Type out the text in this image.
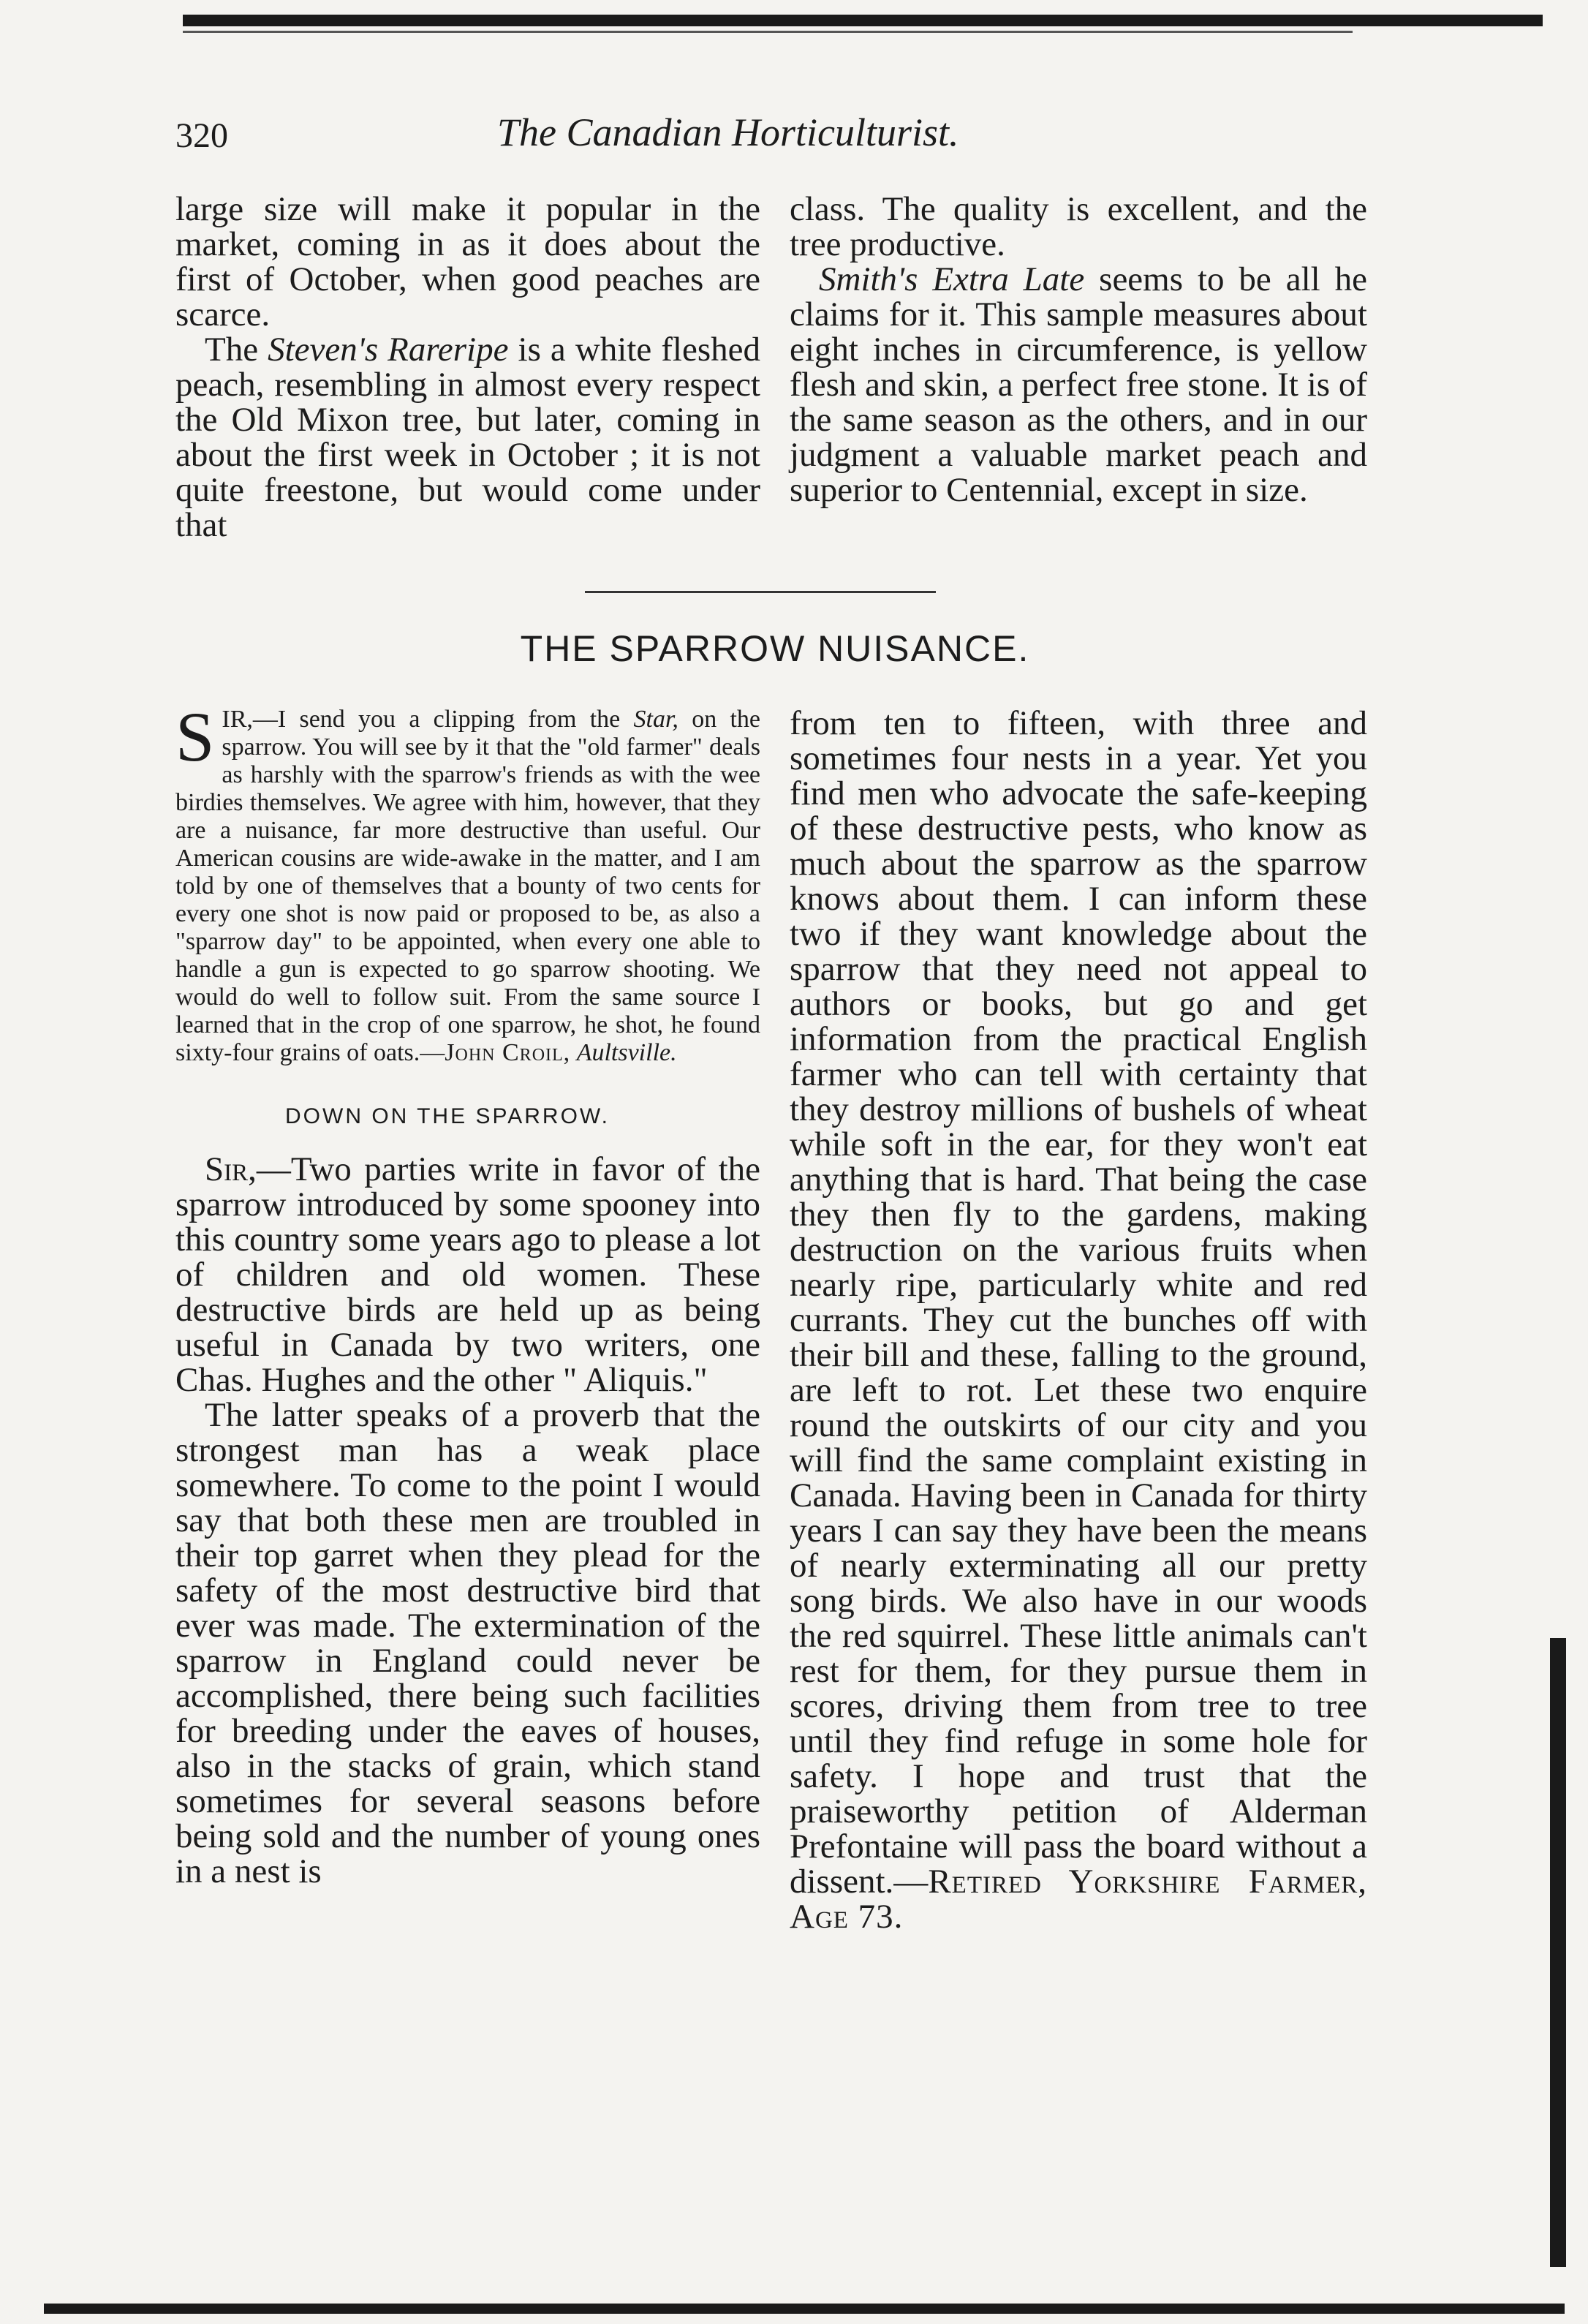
320	The Canadian Horticulturist.

large size will make it popular in the market, coming in as it does about the first of October, when good peaches are scarce.

The Steven's Rareripe is a white fleshed peach, resembling in almost every respect the Old Mixon tree, but later, coming in about the first week in October ; it is not quite freestone, but would come under that

class. The quality is excellent, and the tree productive.

Smith's Extra Late seems to be all he claims for it. This sample measures about eight inches in circumference, is yellow flesh and skin, a perfect free stone. It is of the same season as the others, and in our judgment a valuable market peach and superior to Centennial, except in size.

THE SPARROW NUISANCE.

SIR,—I send you a clipping from the Star, on the sparrow. You will see by it that the "old farmer" deals as harshly with the sparrow's friends as with the wee birdies themselves. We agree with him, however, that they are a nuisance, far more destructive than useful. Our American cousins are wide-awake in the matter, and I am told by one of themselves that a bounty of two cents for every one shot is now paid or proposed to be, as also a "sparrow day" to be appointed, when every one able to handle a gun is expected to go sparrow shooting. We would do well to follow suit. From the same source I learned that in the crop of one sparrow, he shot, he found sixty-four grains of oats.—John Croil, Aultsville.

DOWN ON THE SPARROW.

Sir,—Two parties write in favor of the sparrow introduced by some spooney into this country some years ago to please a lot of children and old women. These destructive birds are held up as being useful in Canada by two writers, one Chas. Hughes and the other " Aliquis."

The latter speaks of a proverb that the strongest man has a weak place somewhere. To come to the point I would say that both these men are troubled in their top garret when they plead for the safety of the most destructive bird that ever was made. The extermination of the sparrow in England could never be accomplished, there being such facilities for breeding under the eaves of houses, also in the stacks of grain, which stand sometimes for several seasons before being sold and the number of young ones in a nest is

from ten to fifteen, with three and sometimes four nests in a year. Yet you find men who advocate the safe-keeping of these destructive pests, who know as much about the sparrow as the sparrow knows about them. I can inform these two if they want knowledge about the sparrow that they need not appeal to authors or books, but go and get information from the practical English farmer who can tell with certainty that they destroy millions of bushels of wheat while soft in the ear, for they won't eat anything that is hard. That being the case they then fly to the gardens, making destruction on the various fruits when nearly ripe, particularly white and red currants. They cut the bunches off with their bill and these, falling to the ground, are left to rot. Let these two enquire round the outskirts of our city and you will find the same complaint existing in Canada. Having been in Canada for thirty years I can say they have been the means of nearly exterminating all our pretty song birds. We also have in our woods the red squirrel. These little animals can't rest for them, for they pursue them in scores, driving them from tree to tree until they find refuge in some hole for safety. I hope and trust that the praiseworthy petition of Alderman Prefontaine will pass the board without a dissent.—Retired Yorkshire Farmer, Age 73.
